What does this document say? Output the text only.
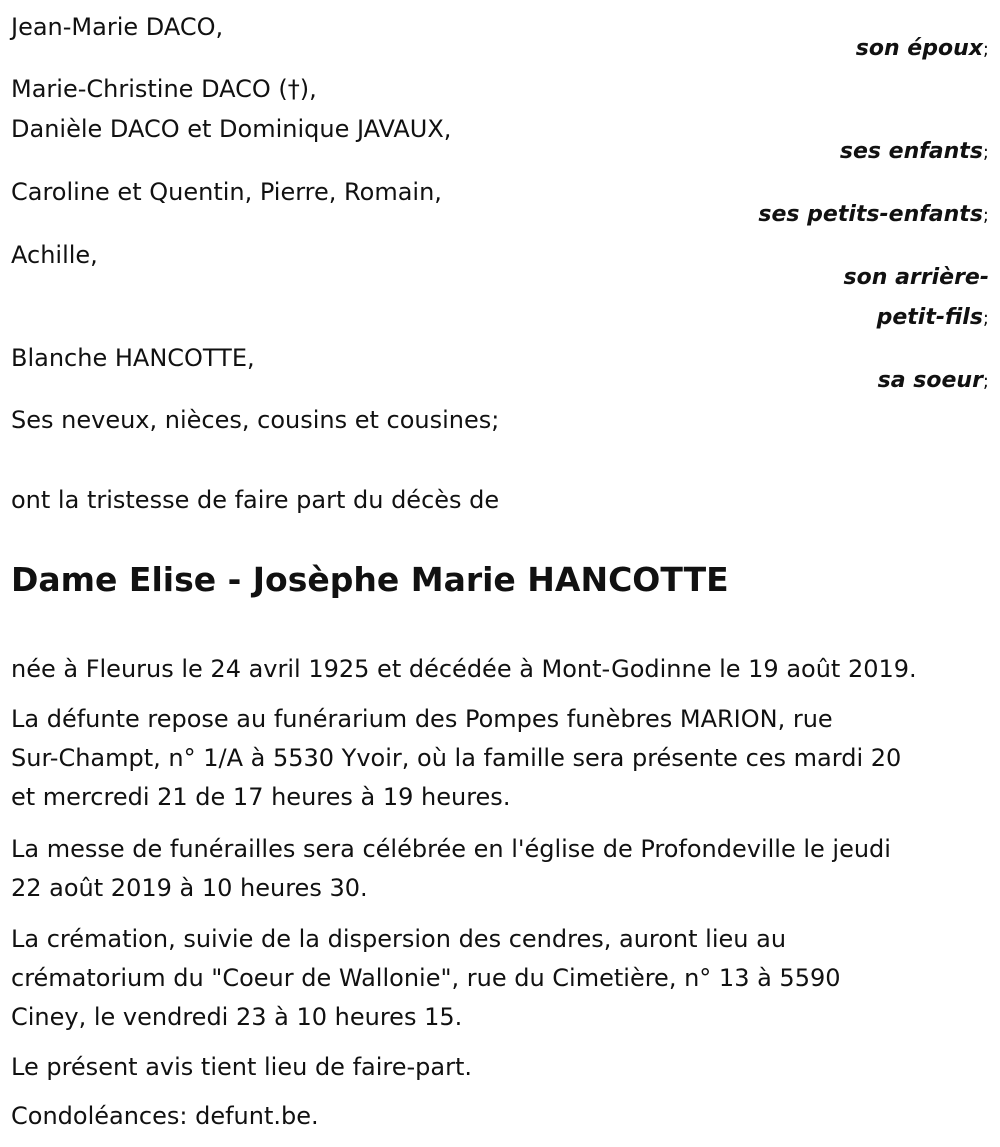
Jean-Marie DACO,
son époux;
Marie-Christine DACO (†),
Danièle DACO et Dominique JAVAUX,
ses enfants;
Caroline et Quentin, Pierre, Romain,
ses petits-enfants;
Achille,
son arrière-
petit-fils;
Blanche HANCOTTE,
sa soeur;
Ses neveux, nièces, cousins et cousines;
ont la tristesse de faire part du décès de
Dame Elise - Josèphe Marie HANCOTTE
née à Fleurus le 24 avril 1925 et décédée à Mont-Godinne le 19 août 2019.
La défunte repose au funérarium des Pompes funèbres MARION, rue
Sur-Champt, n° 1/A à 5530 Yvoir, où la famille sera présente ces mardi 20
et mercredi 21 de 17 heures à 19 heures.
La messe de funérailles sera célébrée en l'église de Profondeville le jeudi
22 août 2019 à 10 heures 30.
La crémation, suivie de la dispersion des cendres, auront lieu au
crématorium du "Coeur de Wallonie", rue du Cimetière, n° 13 à 5590
Ciney, le vendredi 23 à 10 heures 15.
Le présent avis tient lieu de faire-part.
Condoléances: defunt.be.
